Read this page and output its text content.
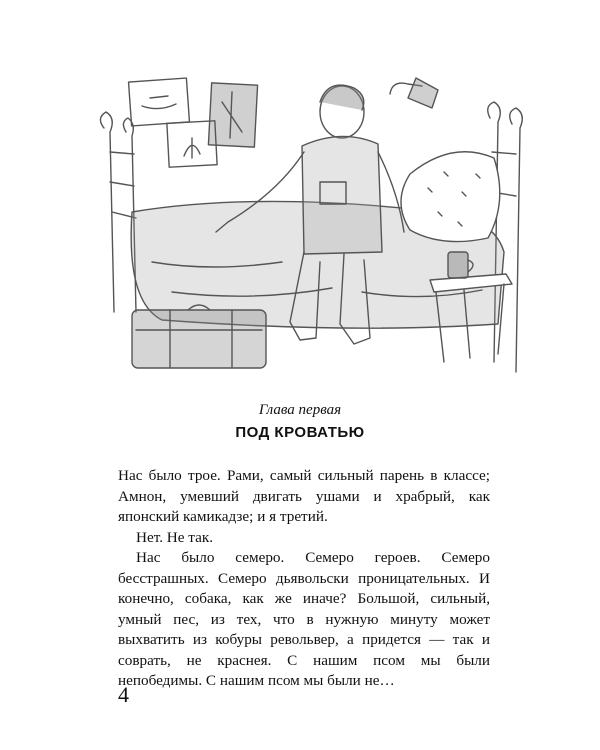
Глава первая
ПОД КРОВАТЬЮ

Нас было трое. Рами, самый сильный парень в классе; Амнон, умевший двигать ушами и храбрый, как японский камикадзе; и я третий.

Нет. Не так.

Нас было семеро. Семеро героев. Семеро бесстрашных. Семеро дьявольски проницательных. И конечно, собака, как же иначе? Большой, сильный, умный пес, из тех, что в нужную минуту может выхватить из кобуры револьвер, а придется — так и соврать, не краснея. С нашим псом мы были непобедимы. С нашим псом мы были не…

4
